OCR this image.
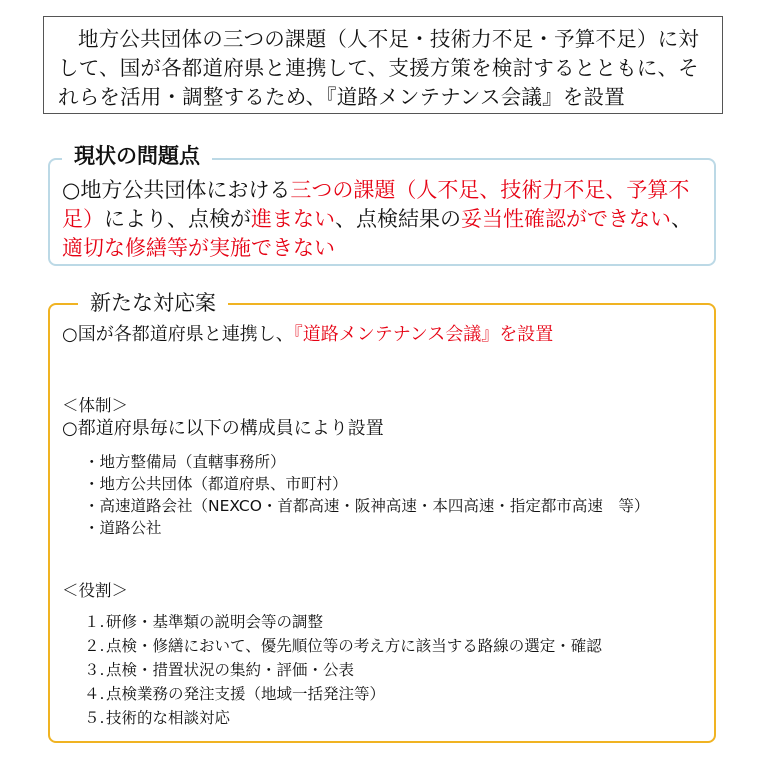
地方公共団体の三つの課題（人不足・技術力不足・予算不足）に対して、国が各都道府県と連携して、支援方策を検討するとともに、それらを活用・調整するため、『道路メンテナンス会議』を設置

現状の問題点
○地方公共団体における三つの課題（人不足、技術力不足、予算不足）により、点検が進まない、点検結果の妥当性確認ができない、適切な修繕等が実施できない
新たな対応案
○国が各都道府県と連携し、『道路メンテナンス会議』を設置
＜体制＞
○都道府県毎に以下の構成員により設置
・地方整備局（直轄事務所）
・地方公共団体（都道府県、市町村）
・高速道路会社（NEXCO・首都高速・阪神高速・本四高速・指定都市高速　等）
・道路公社
＜役割＞
１. 研修・基準類の説明会等の調整
２. 点検・修繕において、優先順位等の考え方に該当する路線の選定・確認
３. 点検・措置状況の集約・評価・公表
４. 点検業務の発注支援（地域一括発注等）
５. 技術的な相談対応
